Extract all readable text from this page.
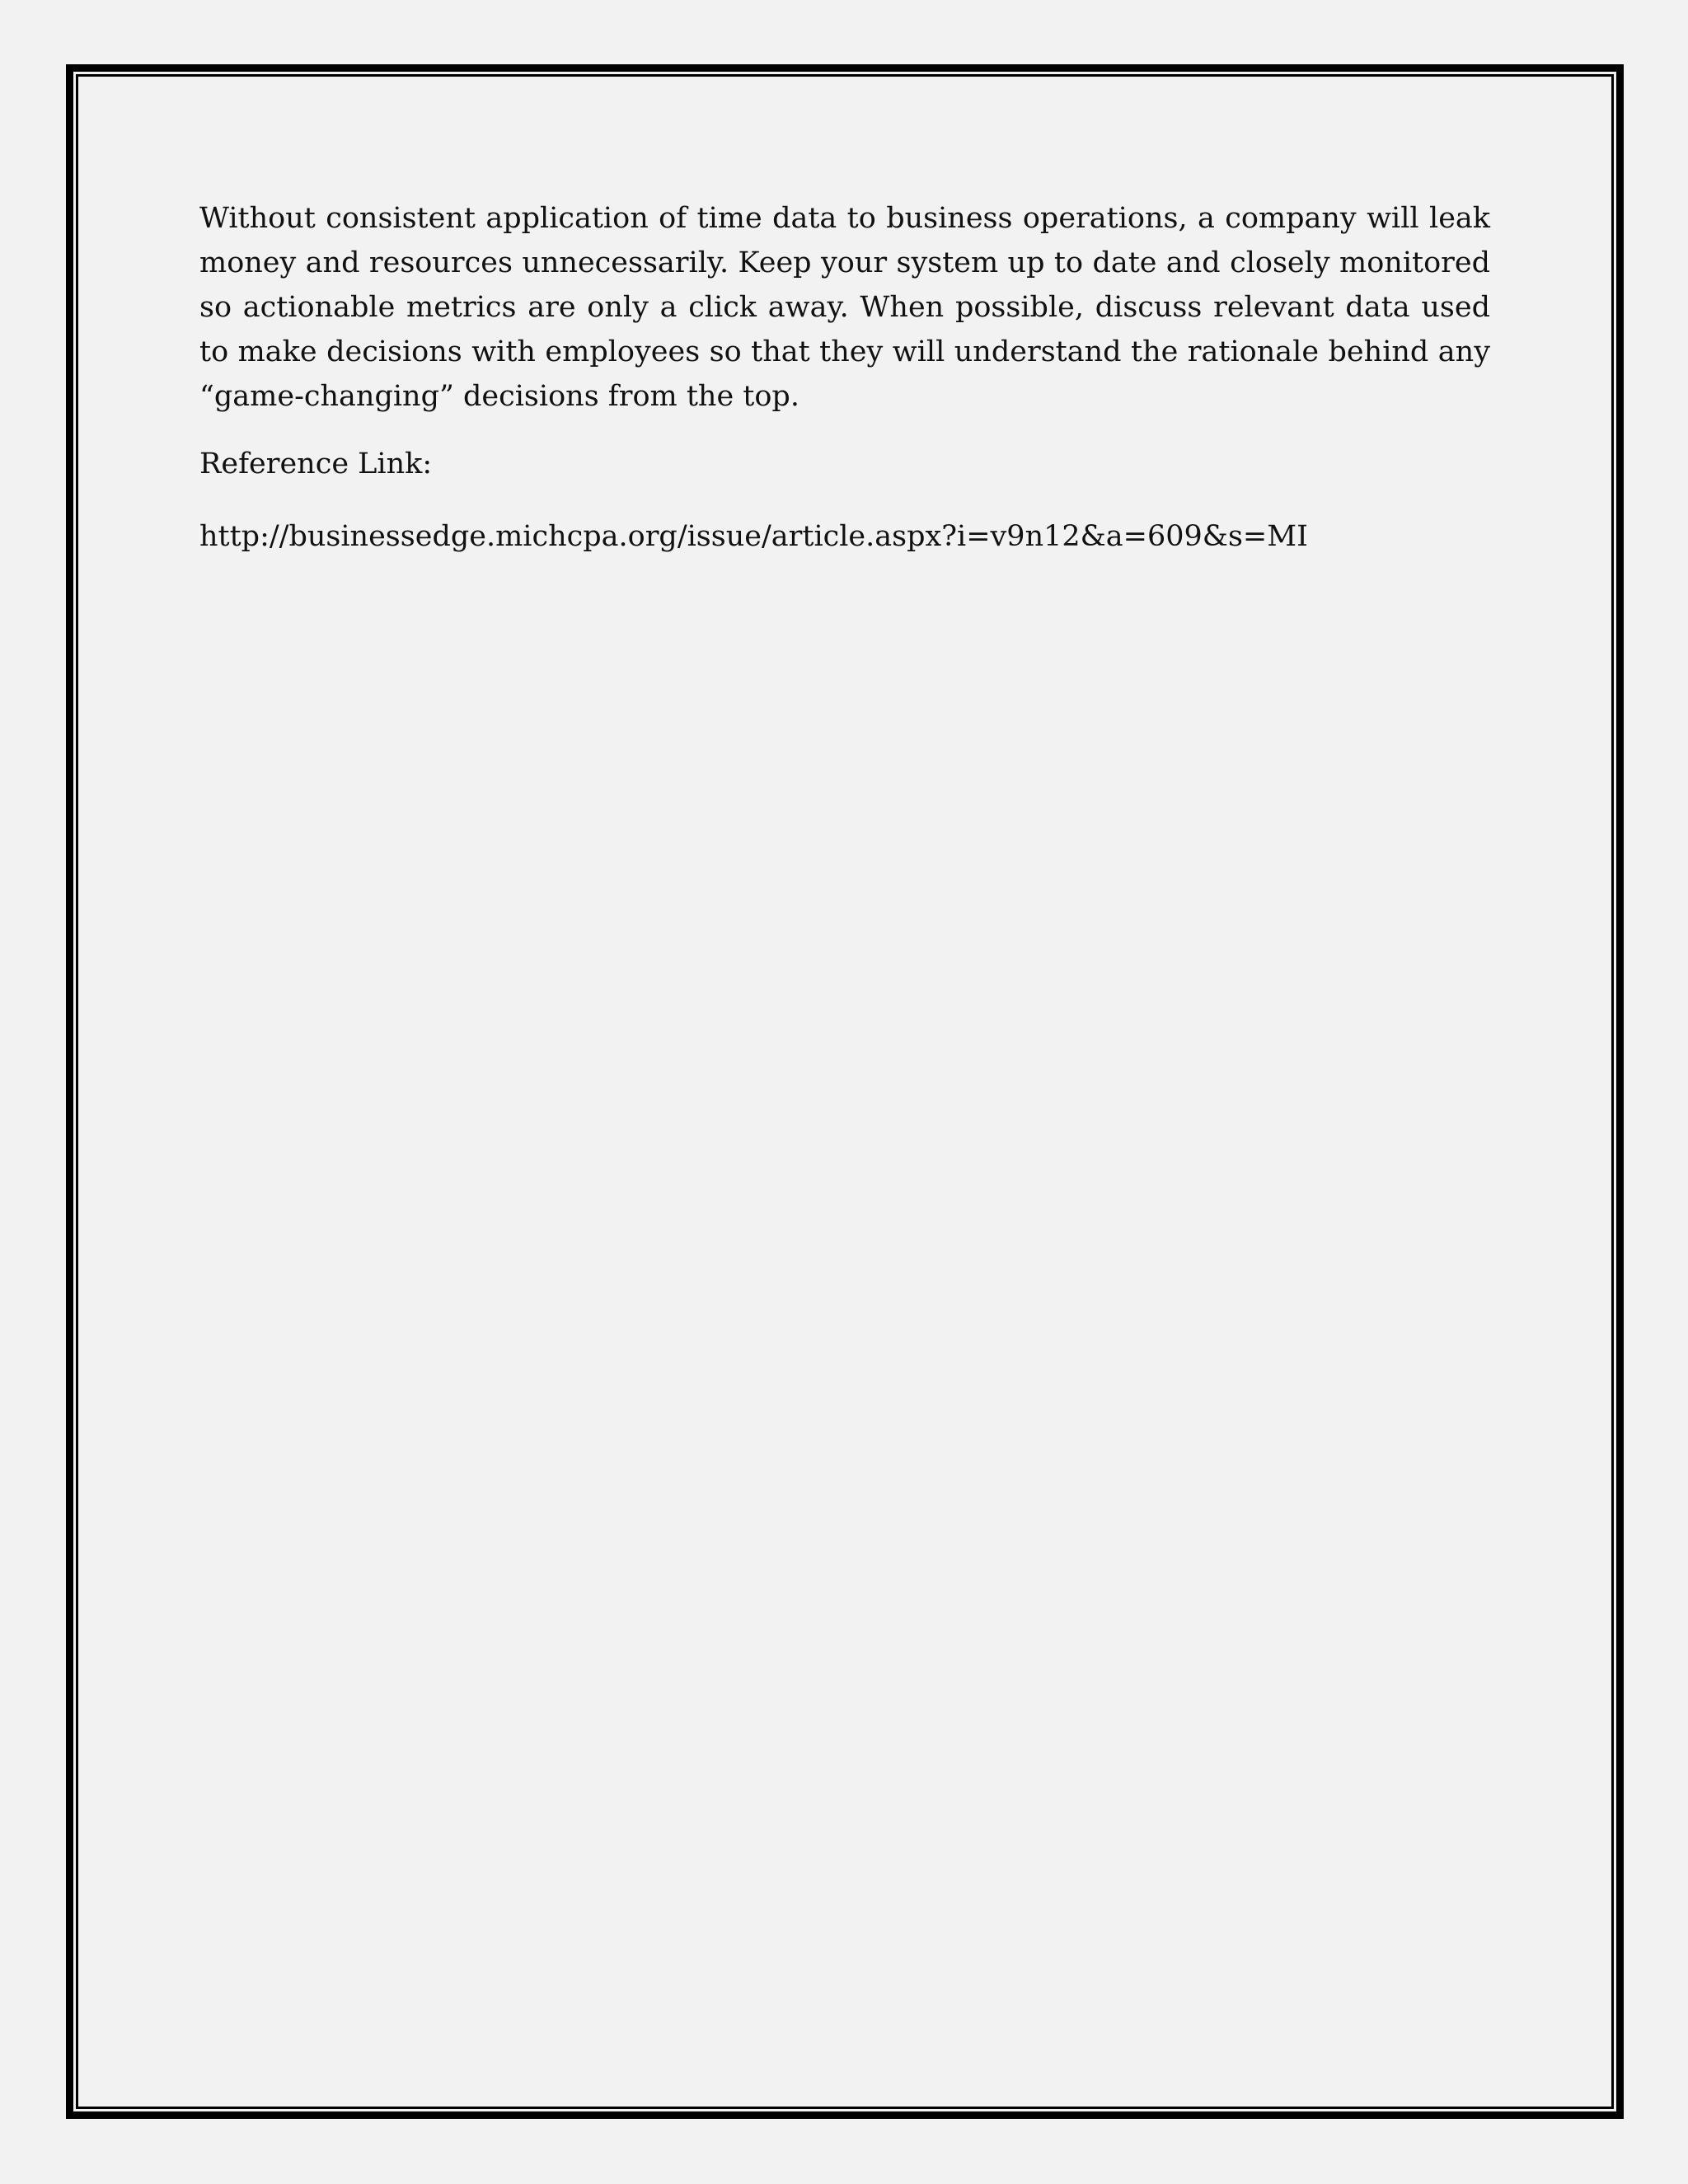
Without consistent application of time data to business operations, a company will leak money and resources unnecessarily. Keep your system up to date and closely monitored so actionable metrics are only a click away. When possible, discuss relevant data used to make decisions with employees so that they will understand the rationale behind any “game-changing” decisions from the top.

Reference Link:

http://businessedge.michcpa.org/issue/article.aspx?i=v9n12&a=609&s=MI
